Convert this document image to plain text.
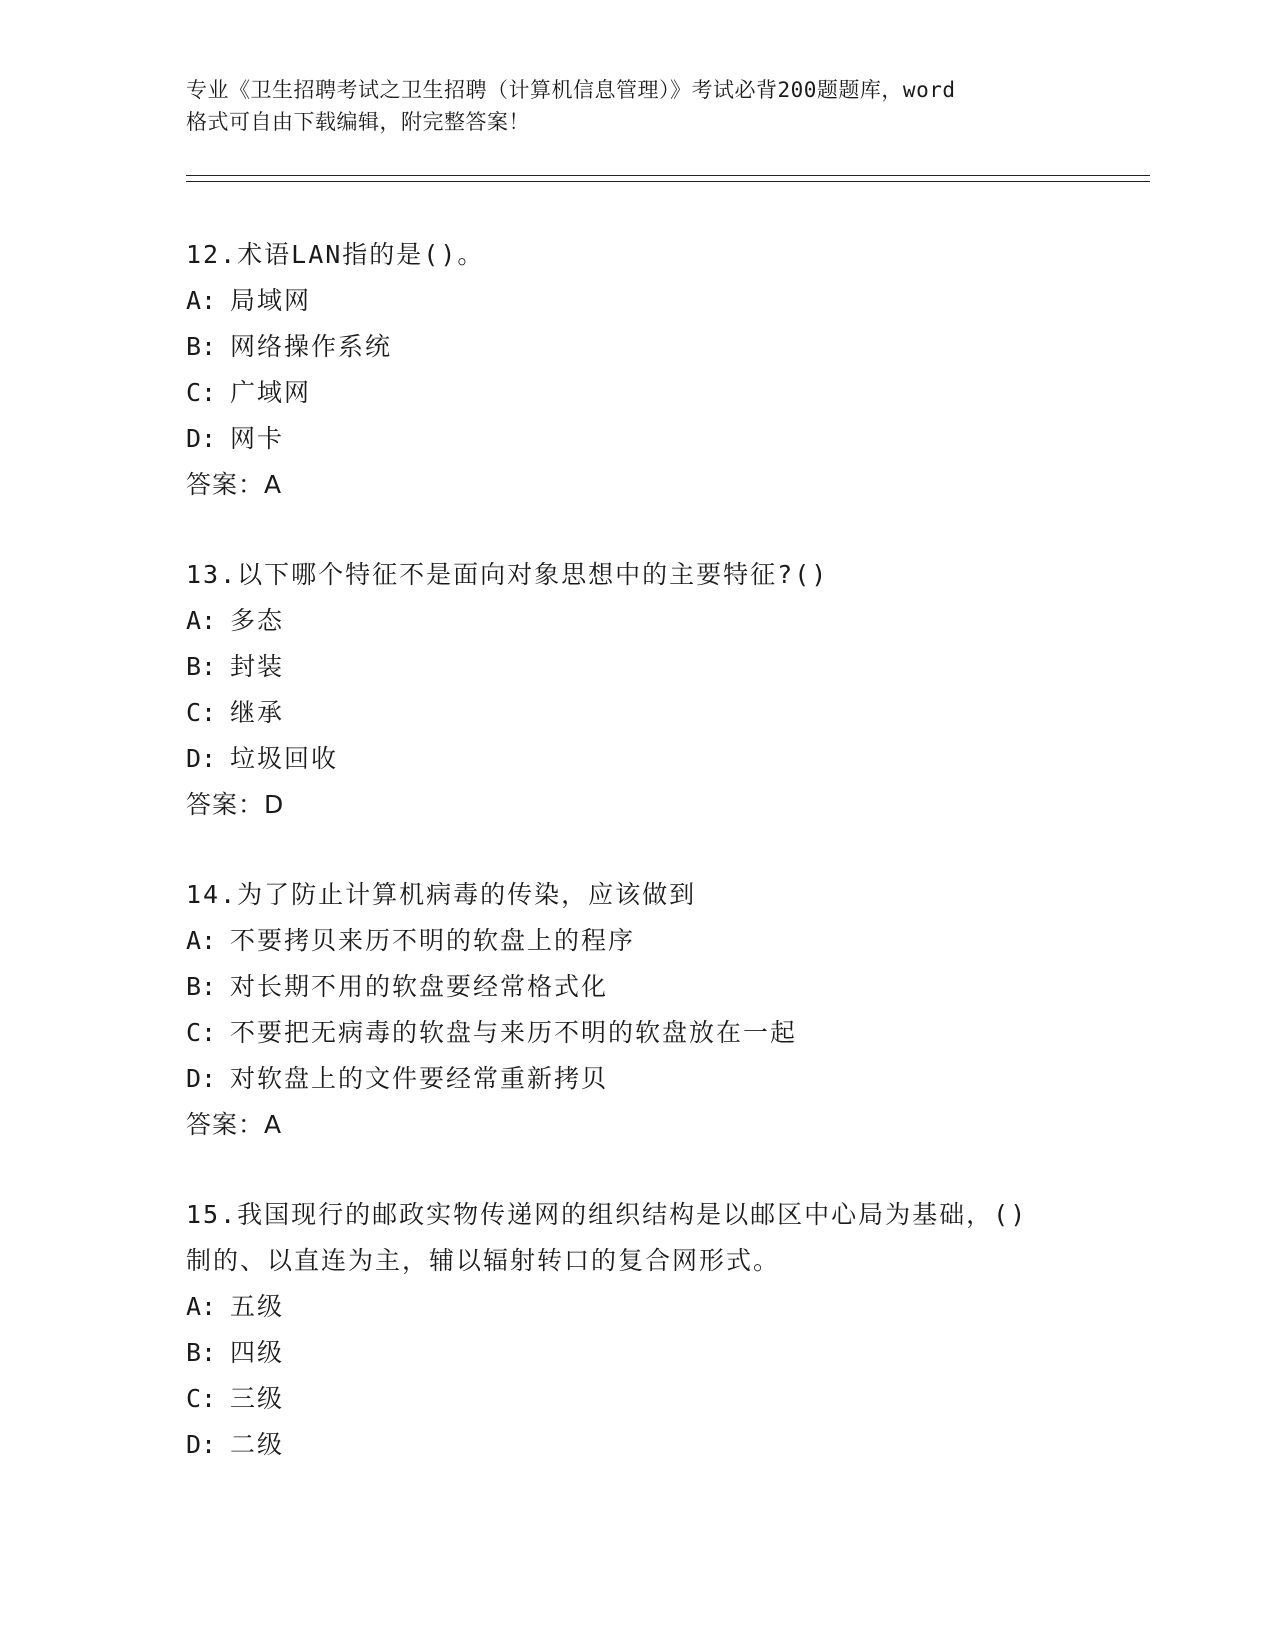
专业《卫生招聘考试之卫生招聘（计算机信息管理）》考试必背200题题库，word
格式可自由下载编辑，附完整答案！
12.术语LAN指的是()。
A: 局域网
B: 网络操作系统
C: 广域网
D: 网卡
答案：A
13.以下哪个特征不是面向对象思想中的主要特征?()
A: 多态
B: 封装
C: 继承
D: 垃圾回收
答案：D
14.为了防止计算机病毒的传染，应该做到
A: 不要拷贝来历不明的软盘上的程序
B: 对长期不用的软盘要经常格式化
C: 不要把无病毒的软盘与来历不明的软盘放在一起
D: 对软盘上的文件要经常重新拷贝
答案：A
15.我国现行的邮政实物传递网的组织结构是以邮区中心局为基础，()
制的、以直连为主，辅以辐射转口的复合网形式。
A: 五级
B: 四级
C: 三级
D: 二级
